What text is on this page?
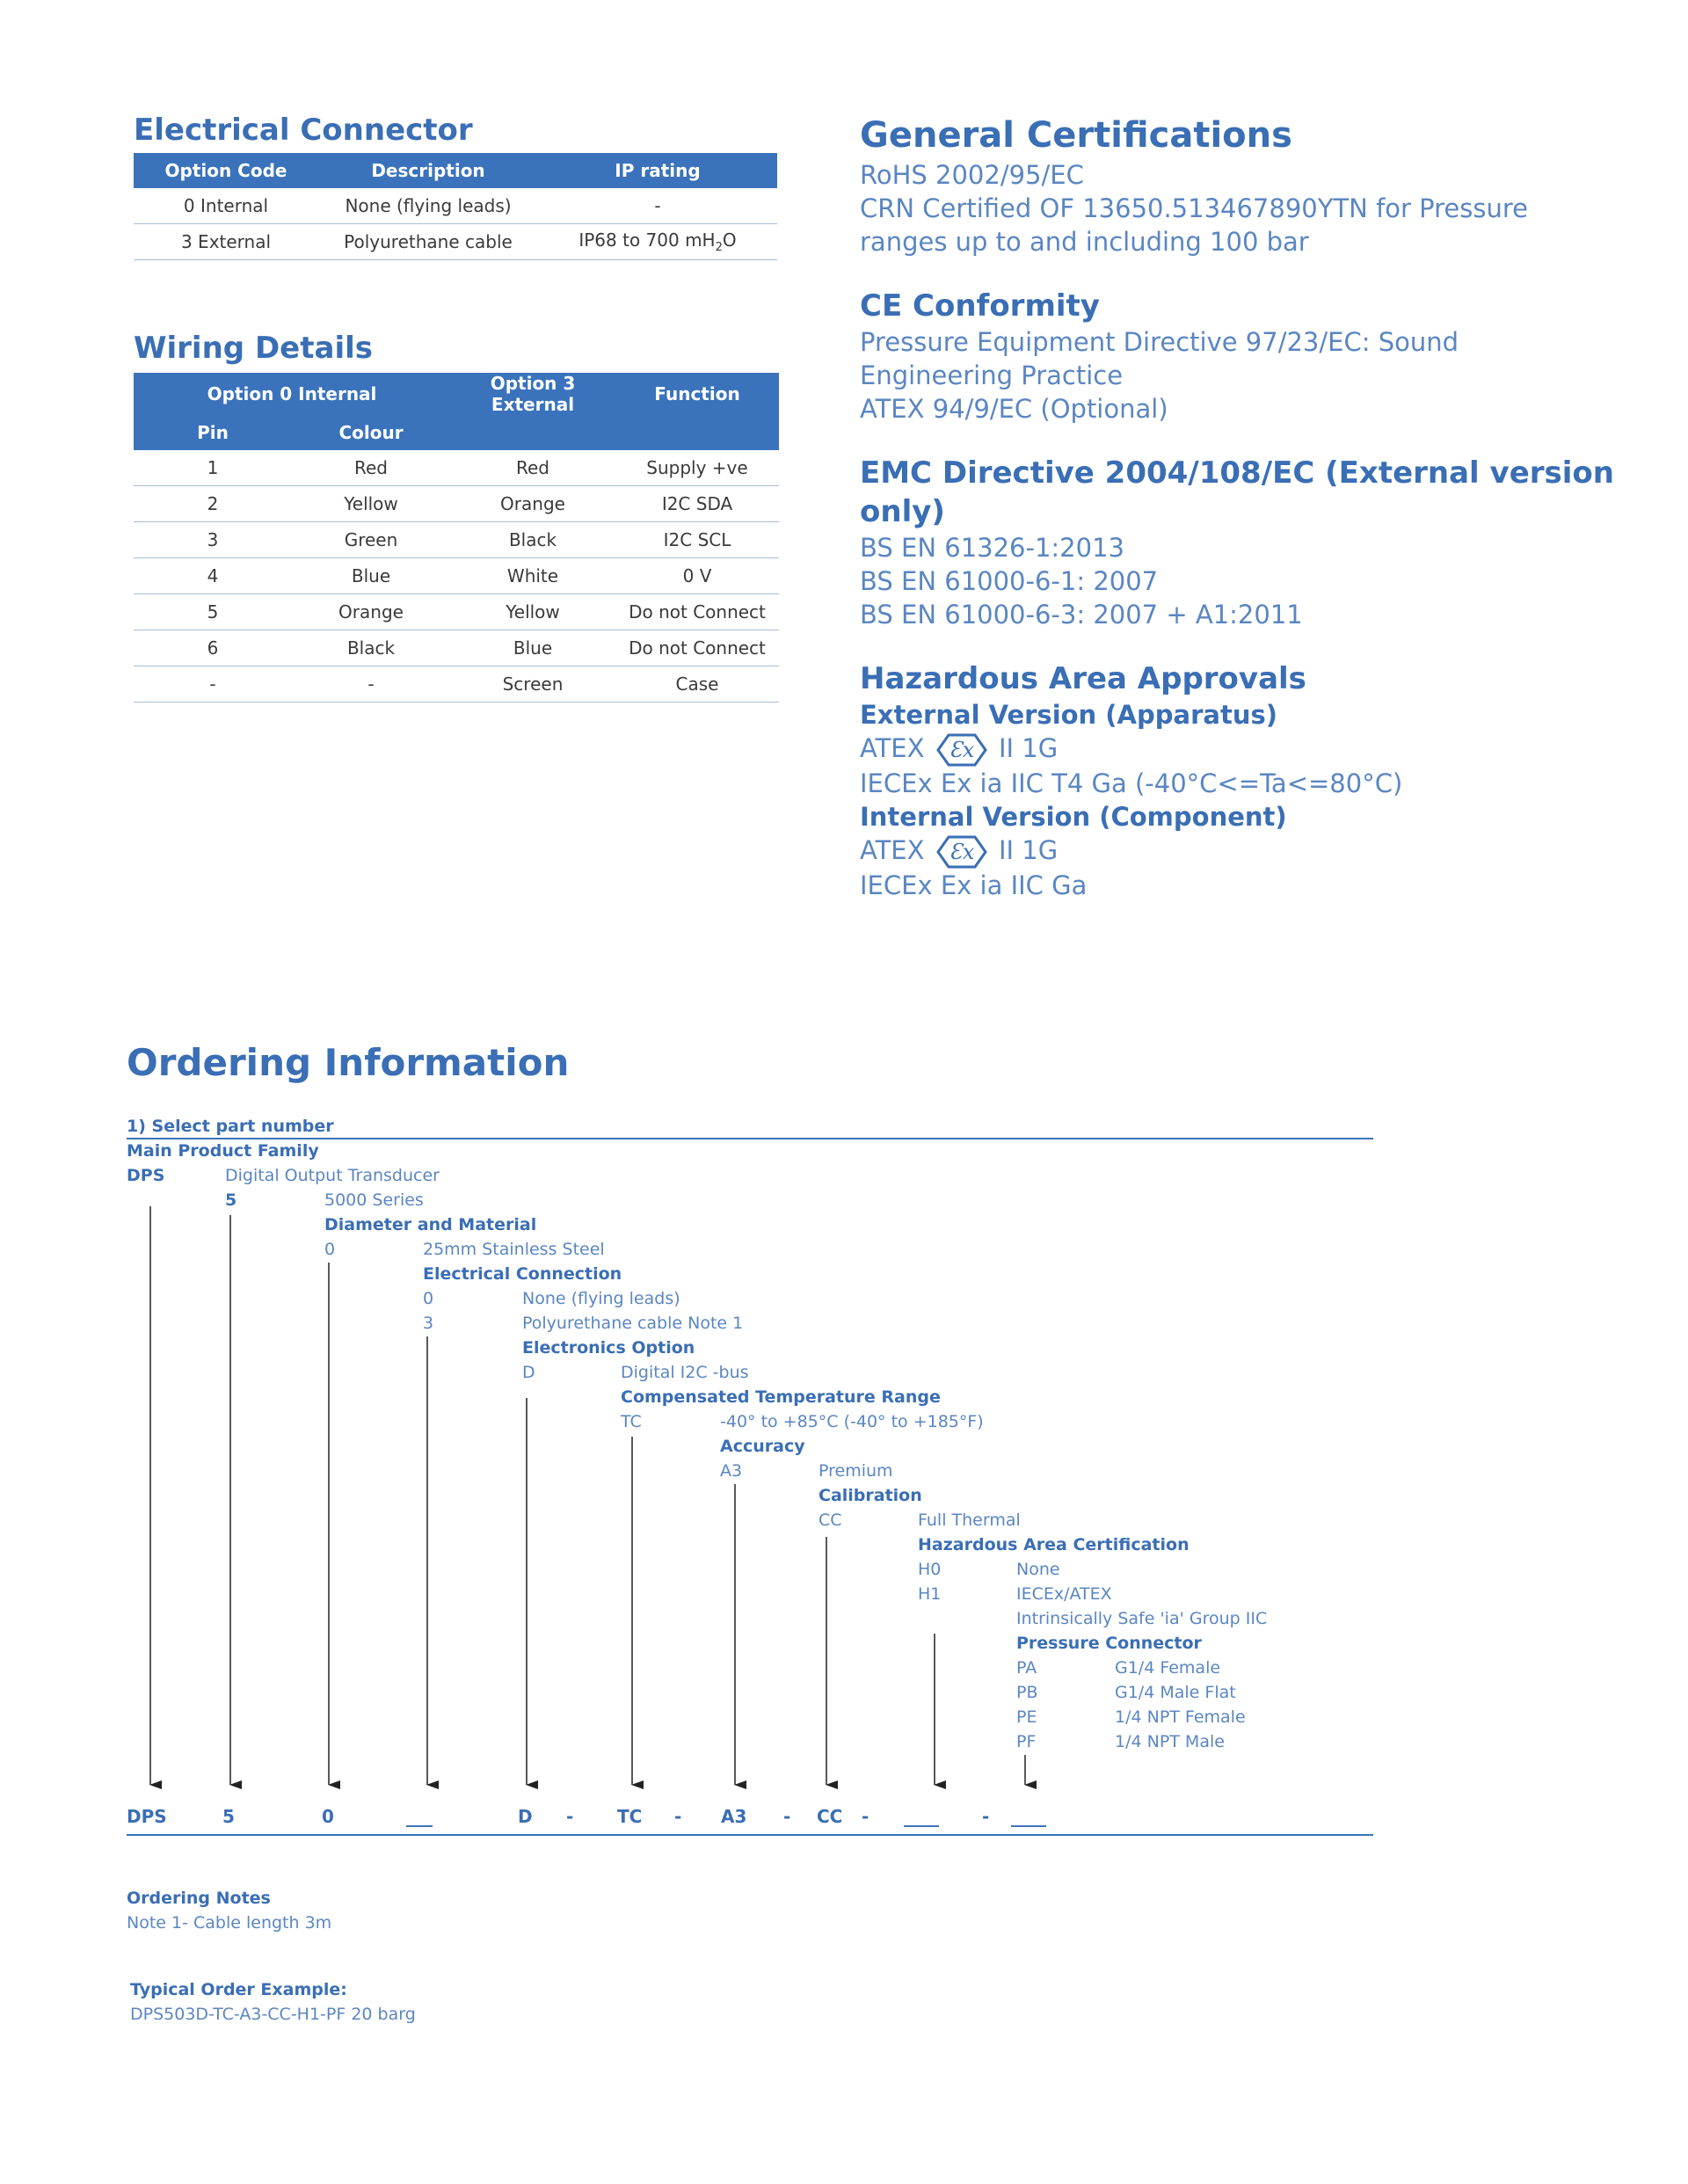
Electrical Connector
Option Code	Description	IP rating
0 Internal	None (flying leads)	-
3 External	Polyurethane cable	IP68 to 700 $mH_2O$
Wiring Details
Option 0 Internal		Option 3 External	Function
Pin	Colour		
1	Red	Red	Supply +ve
2	Yellow	Orange	I2C SDA
3	Green	Black	I2C SCL
4	Blue	White	0 V
5	Orange	Yellow	Do not Connect
6	Black	Blue	Do not Connect
-	-	Screen	Case
General Certifications
RoHS 2002/95/EC
CRN Certified OF 13650.513467890YTN for Pressure
ranges up to and including 100 bar
CE Conformity
Pressure Equipment Directive 97/23/EC: Sound
Engineering Practice
ATEX 94/9/EC (Optional)
EMC Directive 2004/108/EC (External version
only)
BS EN 61326-1:2013
BS EN 61000-6-1: 2007
BS EN 61000-6-3: 2007 + A1:2011
Hazardous Area Approvals
External Version (Apparatus)
ATEX Ɛx II 1G
IECEx Ex ia IIC T4 Ga (-40°C<=Ta<=80°C)
Internal Version (Component)
ATEX Ɛx II 1G
IECEx Ex ia IIC Ga
Ordering Information
1) Select part number
Main Product Family
DPS	Digital Output Transducer
5	5000 Series
Diameter and Material
0	25mm Stainless Steel
Electrical Connection
0	None (flying leads)
3	Polyurethane cable Note 1
Electronics Option
D	Digital I2C -bus
Compensated Temperature Range
TC	-40° to +85°C (-40° to +185°F)
Accuracy
A3	Premium
Calibration
CC	Full Thermal
Hazardous Area Certification
H0	None
H1	IECEx/ATEX
Intrinsically Safe 'ia' Group IIC
Pressure Connector
PA	G1/4 Female
PB	G1/4 Male Flat
PE	1/4 NPT Female
PF	1/4 NPT Male
DPS	5	0	___	D - TC - A3 - CC - ____ - ____
Ordering Notes
Note 1- Cable length 3m
Typical Order Example:
DPS503D-TC-A3-CC-H1-PF 20 barg
